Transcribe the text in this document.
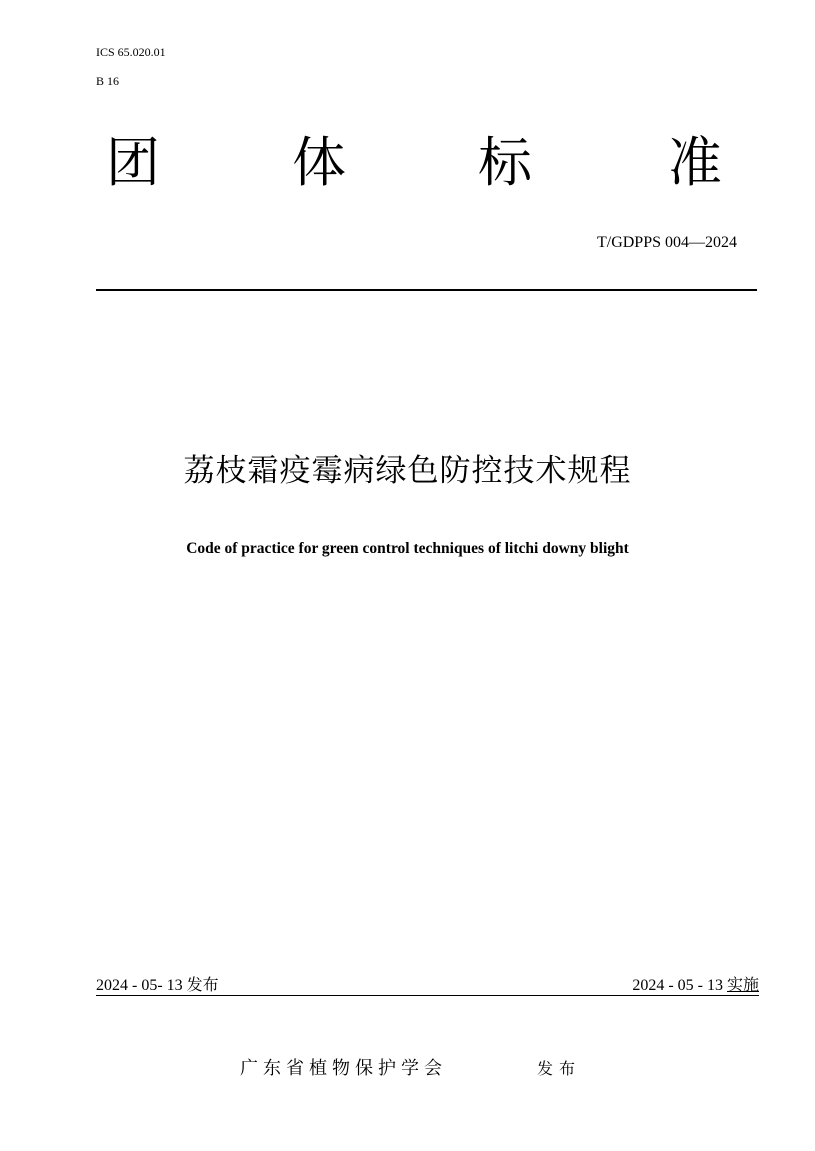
ICS 65.020.01
B 16
团 体 标	准
T/GDPPS 004—2024
荔枝霜疫霉病绿色防控技术规程
Code of practice for green control techniques of litchi downy blight
2024 - 05- 13 发布	2024 - 05 - 13 实施
广东省植物保护学会	发布
